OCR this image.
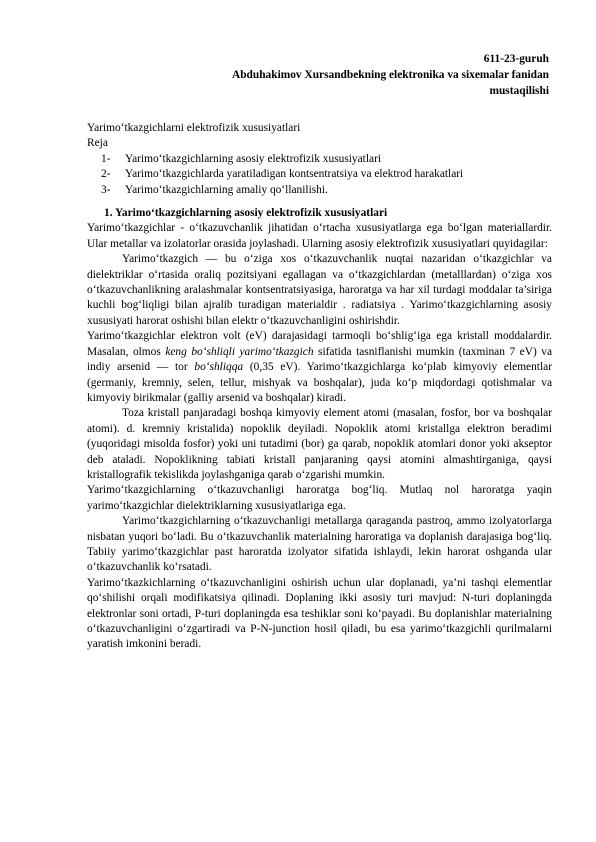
611-23-guruh
Abduhakimov Xursandbekning elektronika va sixemalar fanidan
mustaqilishi
Yarimo‘tkazgichlarni elektrofizik xususiyatlari
Reja
1- Yarimo‘tkazgichlarning asosiy elektrofizik xususiyatlari
2- Yarimo‘tkazgichlarda yaratiladigan kontsentratsiya va elektrod harakatlari
3- Yarimo‘tkazgichlarning amaliy qo‘llanilishi.
1. Yarimo‘tkazgichlarning asosiy elektrofizik xususiyatlari

Yarimo‘tkazgichlar - o‘tkazuvchanlik jihatidan o‘rtacha xususiyatlarga ega bo‘lgan materiallardir. Ular metallar va izolatorlar orasida joylashadi. Ularning asosiy elektrofizik xususiyatlari quyidagilar:

Yarimo‘tkazgich — bu o‘ziga xos o‘tkazuvchanlik nuqtai nazaridan o‘tkazgichlar va dielektriklar o‘rtasida oraliq pozitsiyani egallagan va o‘tkazgichlardan (metalllardan) o‘ziga xos o‘tkazuvchanlikning aralashmalar kontsentratsiyasiga, haroratga va har xil turdagi moddalar ta’siriga kuchli bog‘liqligi bilan ajralib turadigan materialdir . radiatsiya . Yarimo‘tkazgichlarning asosiy xususiyati harorat oshishi bilan elektr o‘tkazuvchanligini oshirishdir.

Yarimo‘tkazgichlar elektron volt (eV) darajasidagi tarmoqli bo‘shlig‘iga ega kristall moddalardir. Masalan, olmos keng bo‘shliqli yarimo‘tkazgich sifatida tasniflanishi mumkin (taxminan 7 eV) va indiy arsenid — tor bo‘shliqqa (0,35 eV). Yarimo‘tkazgichlarga ko‘plab kimyoviy elementlar (germaniy, kremniy, selen, tellur, mishyak va boshqalar), juda ko‘p miqdordagi qotishmalar va kimyoviy birikmalar (galliy arsenid va boshqalar) kiradi.

Toza kristall panjaradagi boshqa kimyoviy element atomi (masalan, fosfor, bor va boshqalar atomi). d. kremniy kristalida) nopoklik deyiladi. Nopoklik atomi kristallga elektron beradimi (yuqoridagi misolda fosfor) yoki uni tutadimi (bor) ga qarab, nopoklik atomlari donor yoki akseptor deb ataladi. Nopoklikning tabiati kristall panjaraning qaysi atomini almashtirganiga, qaysi kristallografik tekislikda joylashganiga qarab o‘zgarishi mumkin.

Yarimo‘tkazgichlarning o‘tkazuvchanligi haroratga bog‘liq. Mutlaq nol haroratga yaqin yarimo‘tkazgichlar dielektriklarning xususiyatlariga ega.

Yarimo‘tkazgichlarning o‘tkazuvchanligi metallarga qaraganda pastroq, ammo izolyatorlarga nisbatan yuqori bo‘ladi. Bu o‘tkazuvchanlik materialning haroratiga va doplanish darajasiga bog‘liq. Tabiiy yarimo‘tkazgichlar past haroratda izolyator sifatida ishlaydi, lekin harorat oshganda ular o‘tkazuvchanlik ko‘rsatadi.

Yarimo‘tkazkichlarning o‘tkazuvchanligini oshirish uchun ular doplanadi, ya’ni tashqi elementlar qo‘shilishi orqali modifikatsiya qilinadi. Doplaning ikki asosiy turi mavjud: N-turi doplaningda elektronlar soni ortadi, P-turi doplaningda esa teshiklar soni ko‘payadi. Bu doplanishlar materialning o‘tkazuvchanligini o‘zgartiradi va P-N-junction hosil qiladi, bu esa yarimo‘tkazgichli qurilmalarni yaratish imkonini beradi.
